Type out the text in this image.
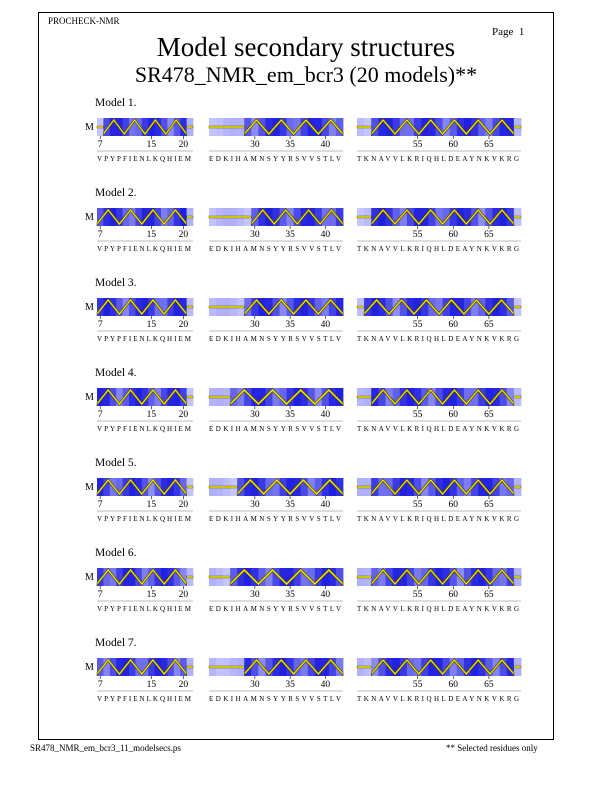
PROCHECK-NMR
Page 1
Model secondary structures
SR478_NMR_em_bcr3 (20 models)**
Model 1.
M
7	15 20
VPYPFIENLKQHIEM
30	35	40
EDKIHAMNSYYRSVVSTLV
55	60	65
TKNAVVLKRIQHLDEAYNKVKRG
Model 2.
M
7	15 20
VPYPFIENLKQHIEM
30	35	40
EDKIHAMNSYYRSVVSTLV
55	60	65
TKNAVVLKRIQHLDEAYNKVKRG
Model 3.
M
7	15 20
VPYPFIENLKQHIEM
30	35	40
EDKIHAMNSYYRSVVSTLV
55	60	65
TKNAVVLKRIQHLDEAYNKVKRG
Model 4.
M
7	15 20
VPYPFIENLKQHIEM
30	35	40
EDKIHAMNSYYRSVVSTLV
55	60	65
TKNAVVLKRIQHLDEAYNKVKRG
Model 5.
M
7	15 20
VPYPFIENLKQHIEM
30	35	40
EDKIHAMNSYYRSVVSTLV
55	60	65
TKNAVVLKRIQHLDEAYNKVKRG
Model 6.
M
7	15 20
VPYPFIENLKQHIEM
30	35	40
EDKIHAMNSYYRSVVSTLV
55	60	65
TKNAVVLKRIQHLDEAYNKVKRG
Model 7.
M
7	15 20
VPYPFIENLKQHIEM
30	35	40
EDKIHAMNSYYRSVVSTLV
55	60	65
TKNAVVLKRIQHLDEAYNKVKRG
SR478_NMR_em_bcr3_11_modelsecs.ps	** Selected residues only
